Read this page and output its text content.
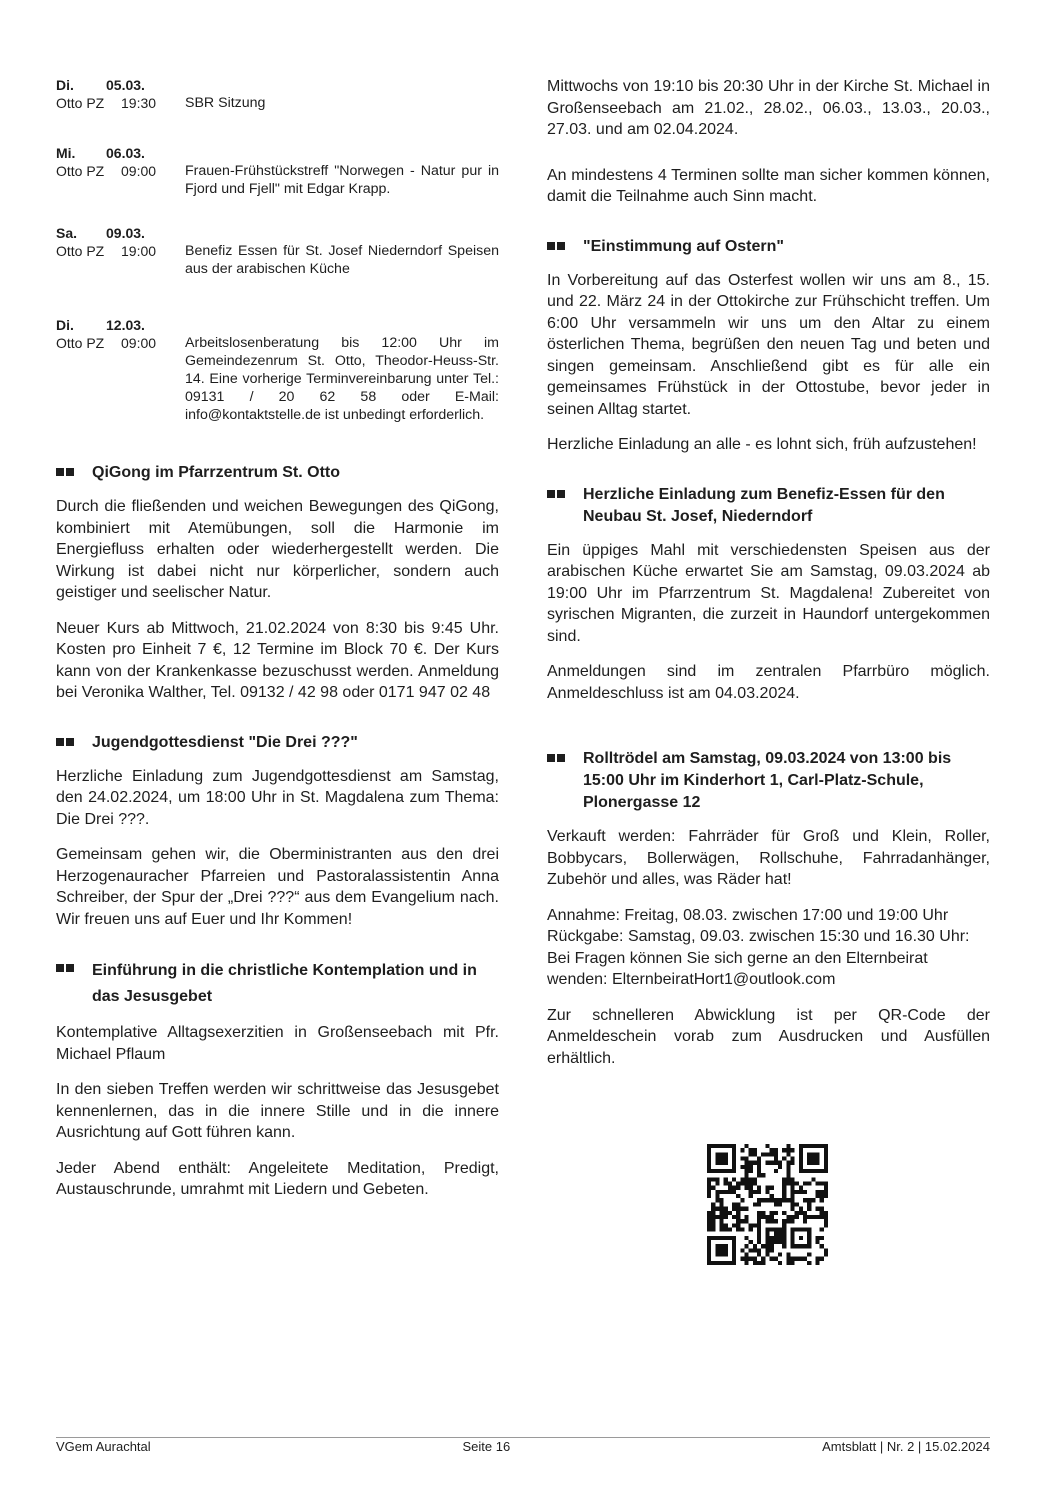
Di.	05.03.
Otto PZ	19:30	SBR Sitzung
Mi.	06.03.
Otto PZ	09:00	Frauen-Frühstückstreff "Norwegen - Natur pur in Fjord und Fjell" mit Edgar Krapp.
Sa.	09.03.
Otto PZ	19:00	Benefiz Essen für St. Josef Niederndorf Speisen aus der arabischen Küche
Di.	12.03.
Otto PZ	09:00	Arbeitslosenberatung bis 12:00 Uhr im Gemeindezenrum St. Otto, Theodor-Heuss-Str. 14. Eine vorherige Terminvereinbarung unter Tel.: 09131 / 20 62 58 oder E-Mail: info@kontaktstelle.de ist unbedingt erforderlich.
QiGong im Pfarrzentrum St. Otto

Durch die fließenden und weichen Bewegungen des QiGong, kombiniert mit Atemübungen, soll die Harmonie im Energiefluss erhalten oder wiederhergestellt werden. Die Wirkung ist dabei nicht nur körperlicher, sondern auch geistiger und seelischer Natur.

Neuer Kurs ab Mittwoch, 21.02.2024 von 8:30 bis 9:45 Uhr. Kosten pro Einheit 7 €, 12 Termine im Block 70 €. Der Kurs kann von der Krankenkasse bezuschusst werden. Anmeldung bei Veronika Walther, Tel. 09132 / 42 98 oder 0171 947 02 48

Jugendgottesdienst "Die Drei ???"

Herzliche Einladung zum Jugendgottesdienst am Samstag, den 24.02.2024, um 18:00 Uhr in St. Magdalena zum Thema: Die Drei ???.

Gemeinsam gehen wir, die Oberministranten aus den drei Herzogenauracher Pfarreien und Pastoralassistentin Anna Schreiber, der Spur der „Drei ???“ aus dem Evangelium nach. Wir freuen uns auf Euer und Ihr Kommen!

Einführung in die christliche Kontemplation und in das Jesusgebet

Kontemplative Alltagsexerzitien in Großenseebach mit Pfr. Michael Pflaum

In den sieben Treffen werden wir schrittweise das Jesusgebet kennenlernen, das in die innere Stille und in die innere Ausrichtung auf Gott führen kann.

Jeder Abend enthält: Angeleitete Meditation, Predigt, Austauschrunde, umrahmt mit Liedern und Gebeten.

Mittwochs von 19:10 bis 20:30 Uhr in der Kirche St. Michael in Großenseebach am 21.02., 28.02., 06.03., 13.03., 20.03., 27.03. und am 02.04.2024.

An mindestens 4 Terminen sollte man sicher kommen können, damit die Teilnahme auch Sinn macht.

"Einstimmung auf Ostern"

In Vorbereitung auf das Osterfest wollen wir uns am 8., 15. und 22. März 24 in der Ottokirche zur Frühschicht treffen. Um 6:00 Uhr versammeln wir uns um den Altar zu einem österlichen Thema, begrüßen den neuen Tag und beten und singen gemeinsam. Anschließend gibt es für alle ein gemeinsames Frühstück in der Ottostube, bevor jeder in seinen Alltag startet.

Herzliche Einladung an alle - es lohnt sich, früh aufzustehen!

Herzliche Einladung zum Benefiz-Essen für den Neubau St. Josef, Niederndorf

Ein üppiges Mahl mit verschiedensten Speisen aus der arabischen Küche erwartet Sie am Samstag, 09.03.2024 ab 19:00 Uhr im Pfarrzentrum St. Magdalena! Zubereitet von syrischen Migranten, die zurzeit in Haundorf untergekommen sind.

Anmeldungen sind im zentralen Pfarrbüro möglich. Anmeldeschluss ist am 04.03.2024.

Rolltrödel am Samstag, 09.03.2024 von 13:00 bis 15:00 Uhr im Kinderhort 1, Carl-Platz-Schule, Plonergasse 12

Verkauft werden: Fahrräder für Groß und Klein, Roller, Bobbycars, Bollerwägen, Rollschuhe, Fahrradanhänger, Zubehör und alles, was Räder hat!

Annahme: Freitag, 08.03. zwischen 17:00 und 19:00 Uhr Rückgabe: Samstag, 09.03. zwischen 15:30 und 16.30 Uhr: Bei Fragen können Sie sich gerne an den Elternbeirat wenden: ElternbeiratHort1@outlook.com

Zur schnelleren Abwicklung ist per QR-Code der Anmeldeschein vorab zum Ausdrucken und Ausfüllen erhältlich.

VGem Aurachtal	Seite 16	Amtsblatt | Nr. 2 | 15.02.2024
